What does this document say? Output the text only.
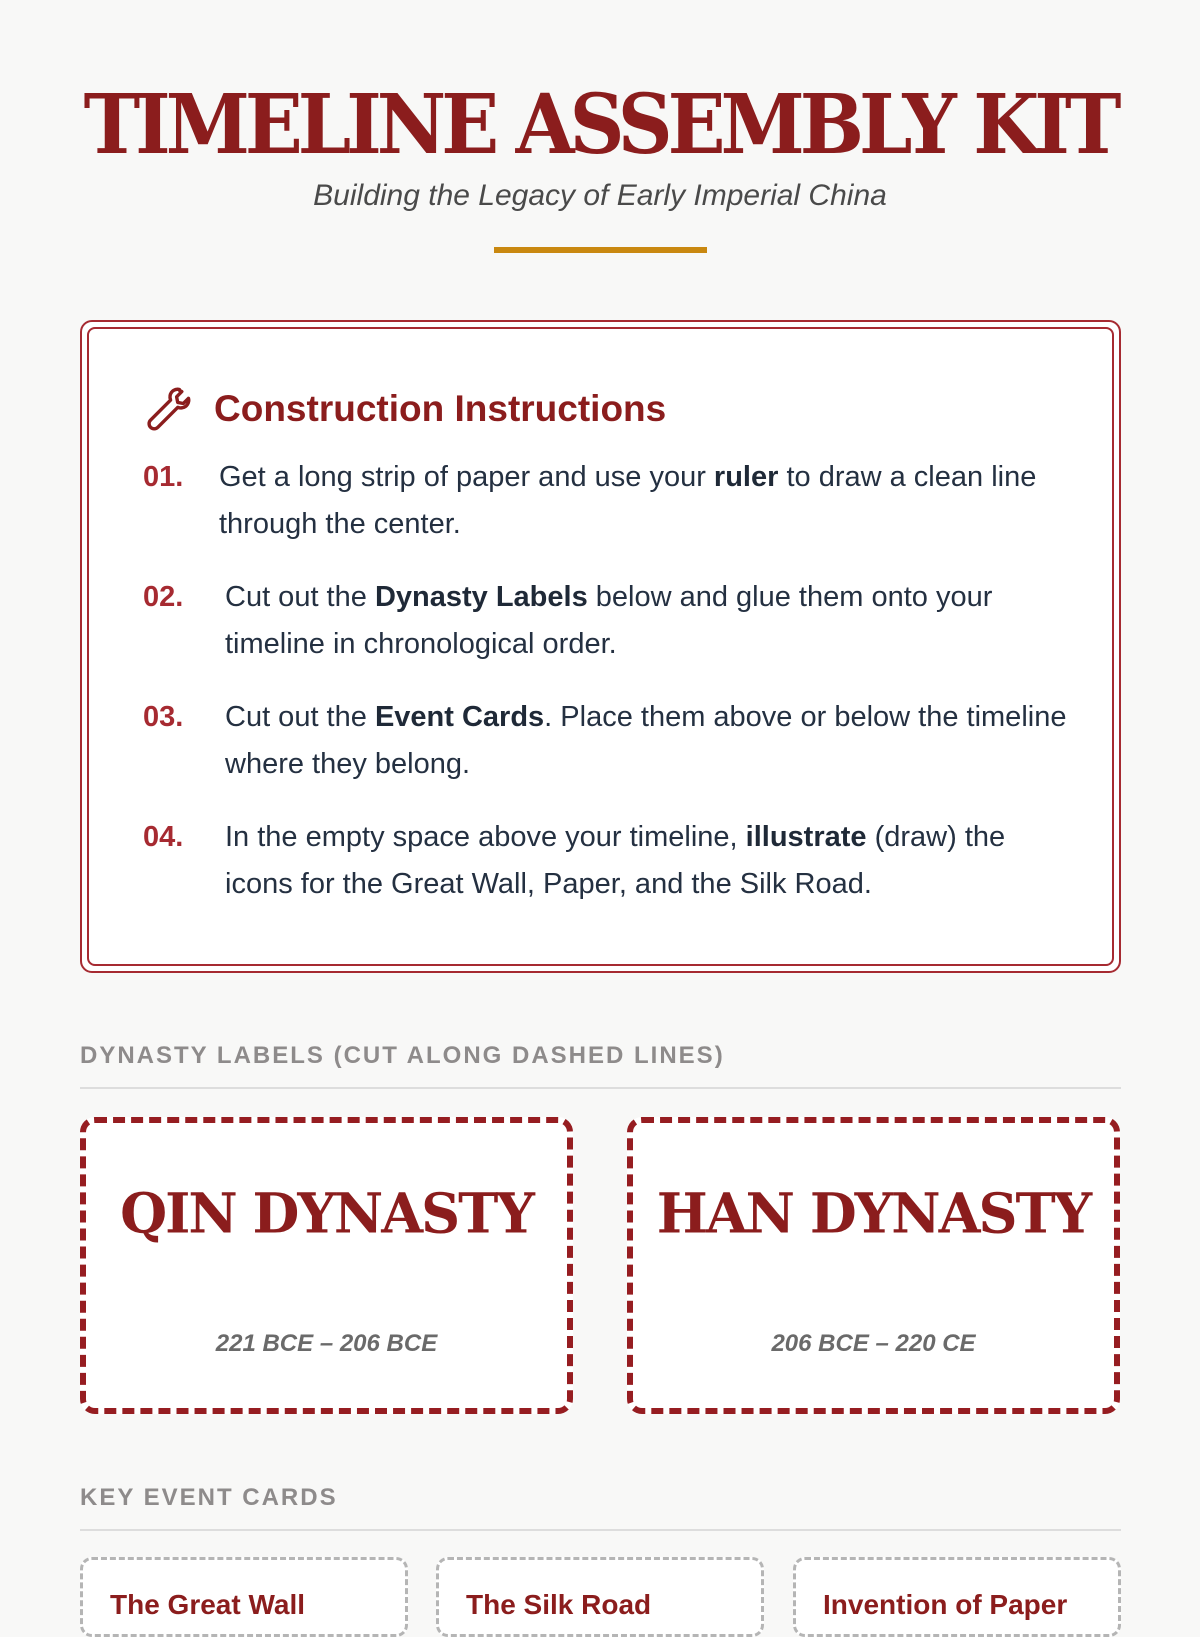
TIMELINE ASSEMBLY KIT
Building the Legacy of Early Imperial China
Construction Instructions
01.	Get a long strip of paper and use your ruler to draw a clean line through the center.
02.	Cut out the Dynasty Labels below and glue them onto your timeline in chronological order.
03.	Cut out the Event Cards. Place them above or below the timeline where they belong.
04.	In the empty space above your timeline, illustrate (draw) the icons for the Great Wall, Paper, and the Silk Road.
DYNASTY LABELS (CUT ALONG DASHED LINES)
QIN DYNASTY
221 BCE – 206 BCE
HAN DYNASTY
206 BCE – 220 CE
KEY EVENT CARDS
The Great Wall	The Silk Road	Invention of Paper
